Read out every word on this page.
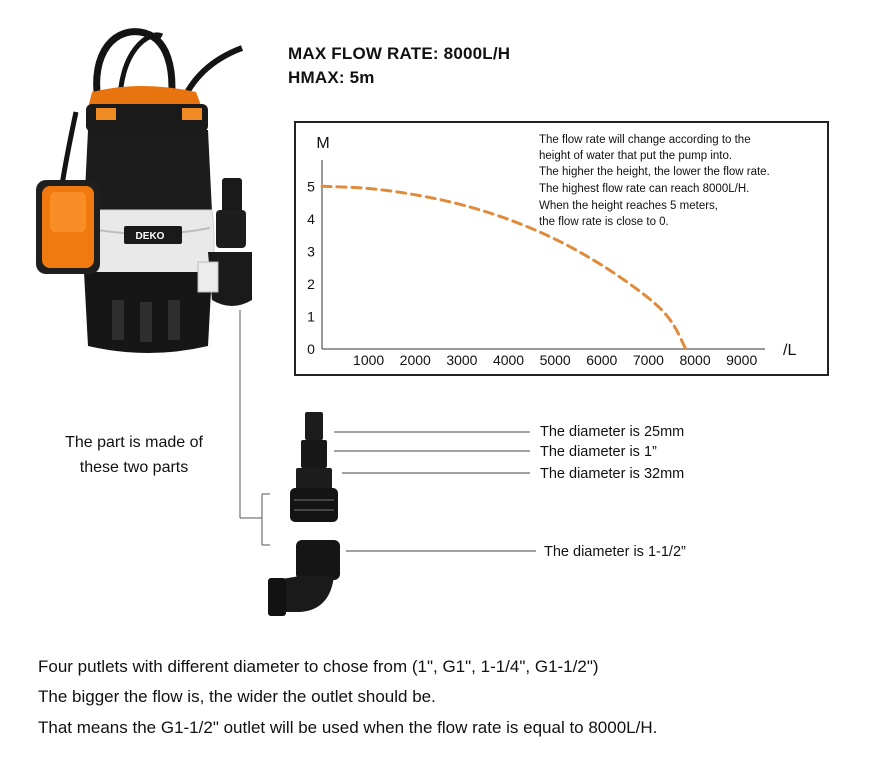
DEKO
MAX FLOW RATE: 8000L/H
HMAX: 5m
0
1
2
3
4
5
1000 2000 3000 4000 5000 6000 7000 8000 9000
M
/L
The flow rate will change according to the
height of water that put the pump into.
The higher the height, the lower the flow rate.
The highest flow rate can reach 8000L/H.
When the height reaches 5 meters,
the flow rate is close to 0.
The part is made of
these two parts
The diameter is 25mm
The diameter is 1”
The diameter is 32mm
The diameter is 1-1/2”
Four putlets with different diameter to chose from (1", G1", 1-1/4", G1-1/2")
The bigger the flow is, the wider the outlet should be.
That means the G1-1/2" outlet will be used when the flow rate is equal to 8000L/H.
